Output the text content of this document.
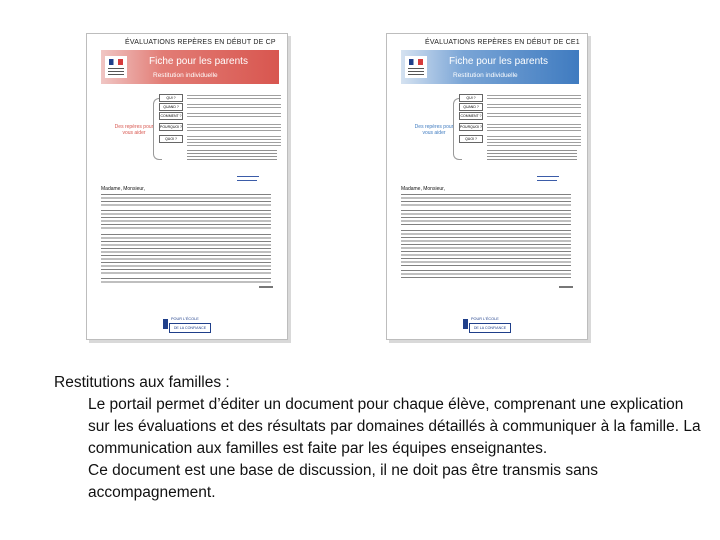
ÉVALUATIONS REPÈRES EN DÉBUT DE CP
Fiche pour les parents
Restitution individuelle
Des repères pour vous aider
QUI ?
QUAND ?
COMMENT ?
POURQUOI ?
QUOI ?
Madame, Monsieur,
POUR L'ÉCOLE
DE LA CONFIANCE
ÉVALUATIONS REPÈRES EN DÉBUT DE CE1
Fiche pour les parents
Restitution individuelle
Des repères pour vous aider
QUI ?
QUAND ?
COMMENT ?
POURQUOI ?
QUOI ?
Madame, Monsieur,
POUR L'ÉCOLE
DE LA CONFIANCE
Restitutions aux familles :
Le portail permet d’éditer un document pour chaque élève, comprenant une explication sur les évaluations et des résultats par domaines détaillés à communiquer à la famille. La communication aux familles est faite par les équipes enseignantes.
Ce document est une base de discussion, il ne doit pas être transmis sans accompagnement.
